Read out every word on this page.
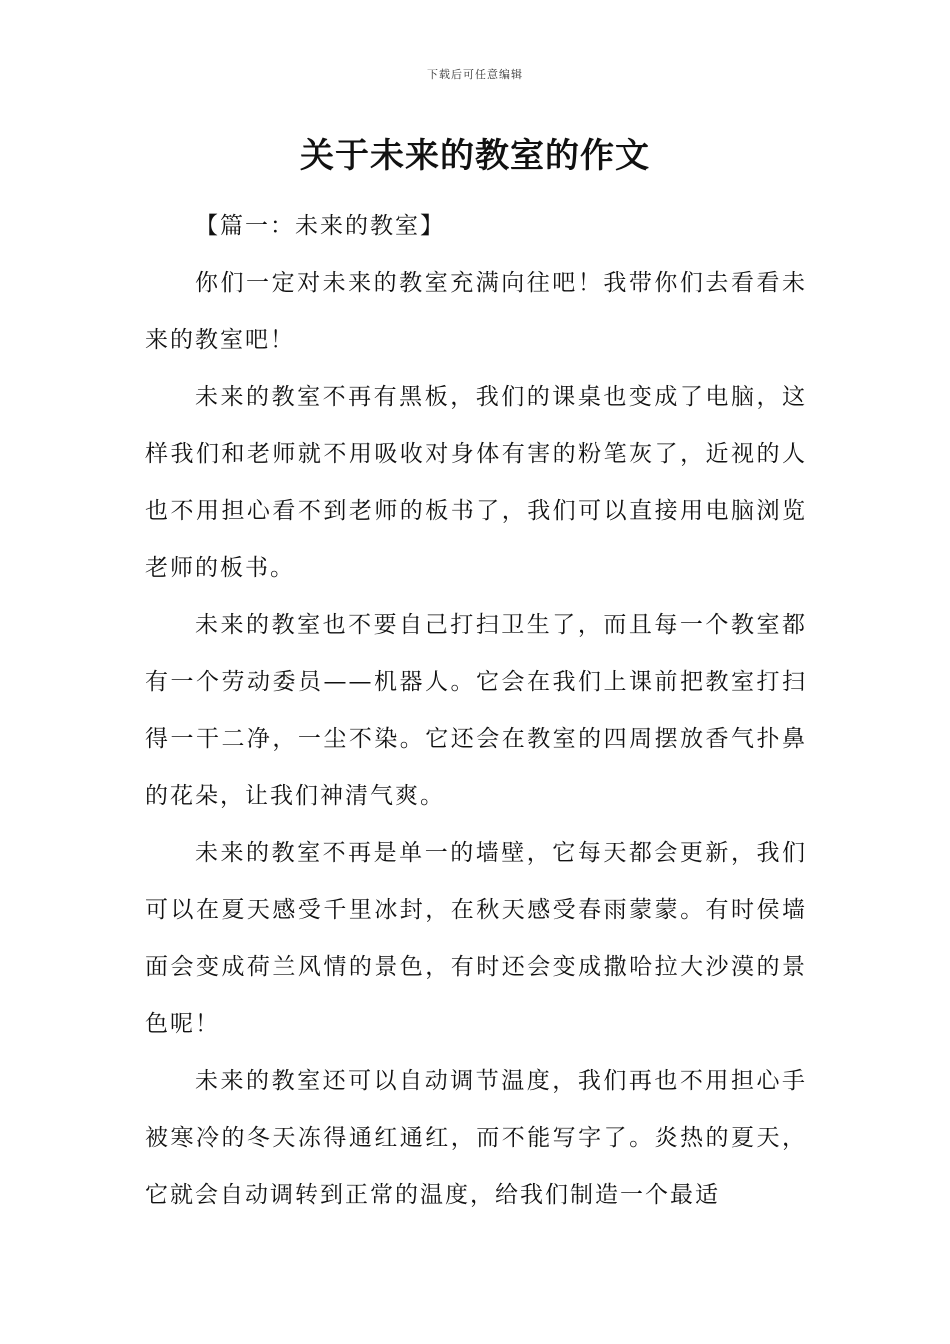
下载后可任意编辑
关于未来的教室的作文

【篇一：未来的教室】

你们一定对未来的教室充满向往吧！我带你们去看看未来的教室吧！

未来的教室不再有黑板，我们的课桌也变成了电脑，这样我们和老师就不用吸收对身体有害的粉笔灰了，近视的人也不用担心看不到老师的板书了，我们可以直接用电脑浏览老师的板书。

未来的教室也不要自己打扫卫生了，而且每一个教室都有一个劳动委员——机器人。它会在我们上课前把教室打扫得一干二净，一尘不染。它还会在教室的四周摆放香气扑鼻的花朵，让我们神清气爽。

未来的教室不再是单一的墙壁，它每天都会更新，我们可以在夏天感受千里冰封，在秋天感受春雨蒙蒙。有时侯墙面会变成荷兰风情的景色，有时还会变成撒哈拉大沙漠的景色呢！

未来的教室还可以自动调节温度，我们再也不用担心手被寒冷的冬天冻得通红通红，而不能写字了。炎热的夏天，它就会自动调转到正常的温度，给我们制造一个最适
